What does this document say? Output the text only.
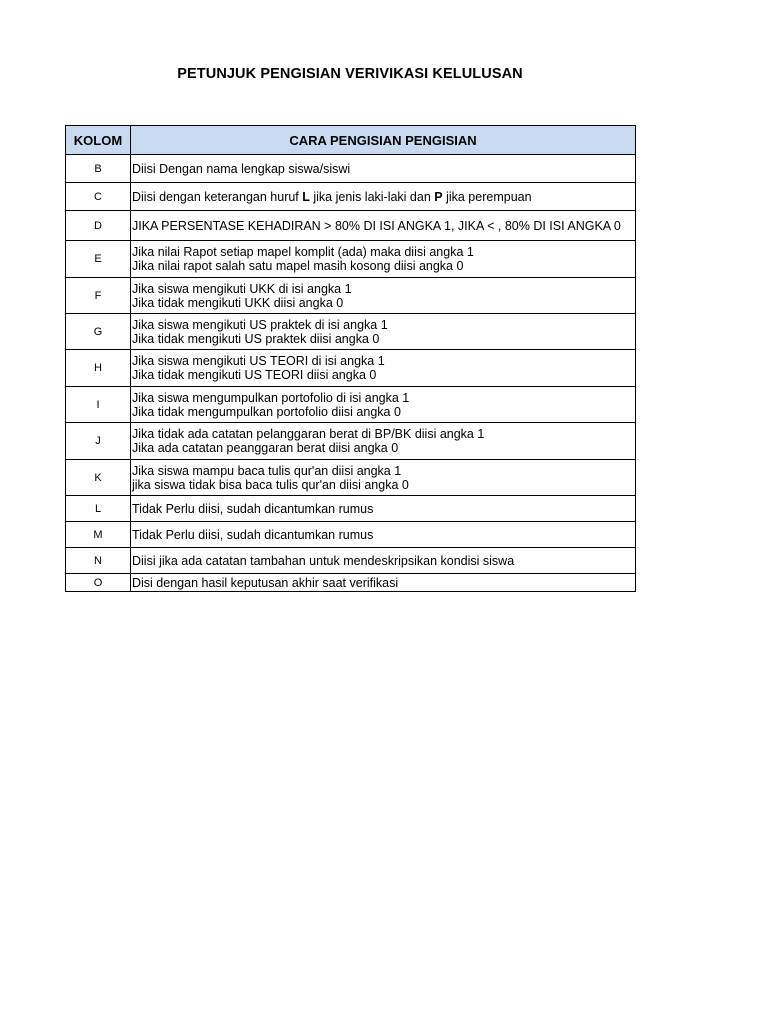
PETUNJUK PENGISIAN VERIVIKASI KELULUSAN
KOLOM	CARA PENGISIAN PENGISIAN
B	Diisi Dengan nama lengkap siswa/siswi

C	Diisi dengan keterangan huruf L jika jenis laki-laki dan P jika perempuan

D	JIKA PERSENTASE KEHADIRAN > 80% DI ISI ANGKA 1, JIKA < , 80% DI ISI ANGKA 0

E	Jika nilai Rapot setiap mapel komplit (ada) maka diisi angka 1
Jika nilai rapot salah satu mapel masih kosong diisi angka 0

F	Jika siswa mengikuti UKK di isi angka 1
Jika tidak mengikuti UKK diisi angka 0

G	Jika siswa mengikuti US praktek di isi angka 1
Jika tidak mengikuti US praktek diisi angka 0

H	Jika siswa mengikuti US TEORI di isi angka 1
Jika tidak mengikuti US TEORI diisi angka 0

I	Jika siswa mengumpulkan portofolio di isi angka 1
Jika tidak mengumpulkan portofolio diisi angka 0

J	Jika tidak ada catatan pelanggaran berat di BP/BK diisi angka 1
Jika ada catatan peanggaran berat diisi angka 0

K	Jika siswa mampu baca tulis qur'an diisi angka 1
jika siswa tidak bisa baca tulis qur'an diisi angka 0

L	Tidak Perlu diisi, sudah dicantumkan rumus

M	Tidak Perlu diisi, sudah dicantumkan rumus

N	Diisi jika ada catatan tambahan untuk mendeskripsikan kondisi siswa

O	Disi dengan hasil keputusan akhir saat verifikasi
